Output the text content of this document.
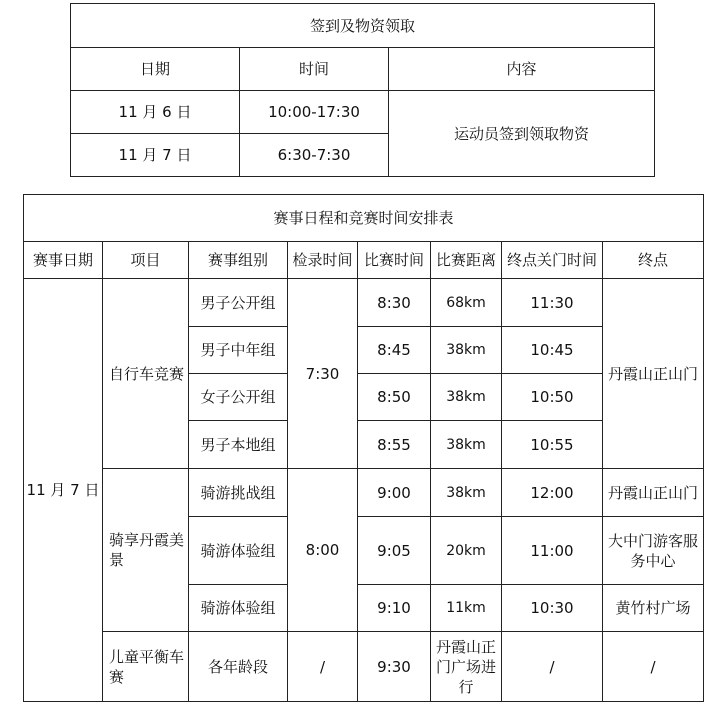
签到及物资领取		
日期	时间	内容
11 月 6 日	10:00-17:30	运动员签到领取物资
11 月 7 日	6:30-7:30	
赛事日程和竞赛时间安排表							
赛事日期	项目	赛事组别	检录时间	比赛时间	比赛距离	终点关门时间	终点
11 月 7 日	自行车竞赛	男子公开组	7:30	8:30	68km	11:30	丹霞山正山门
		男子中年组		8:45	38km	10:45	
		女子公开组		8:50	38km	10:50	
		男子本地组		8:55	38km	10:55	
	骑享丹霞美景	骑游挑战组	8:00	9:00	38km	12:00	丹霞山正山门
		骑游体验组		9:05	20km	11:00	大中门游客服务中心
		骑游体验组		9:10	11km	10:30	黄竹村广场
	儿童平衡车赛	各年龄段	/	9:30	丹霞山正门广场进行	/	/
